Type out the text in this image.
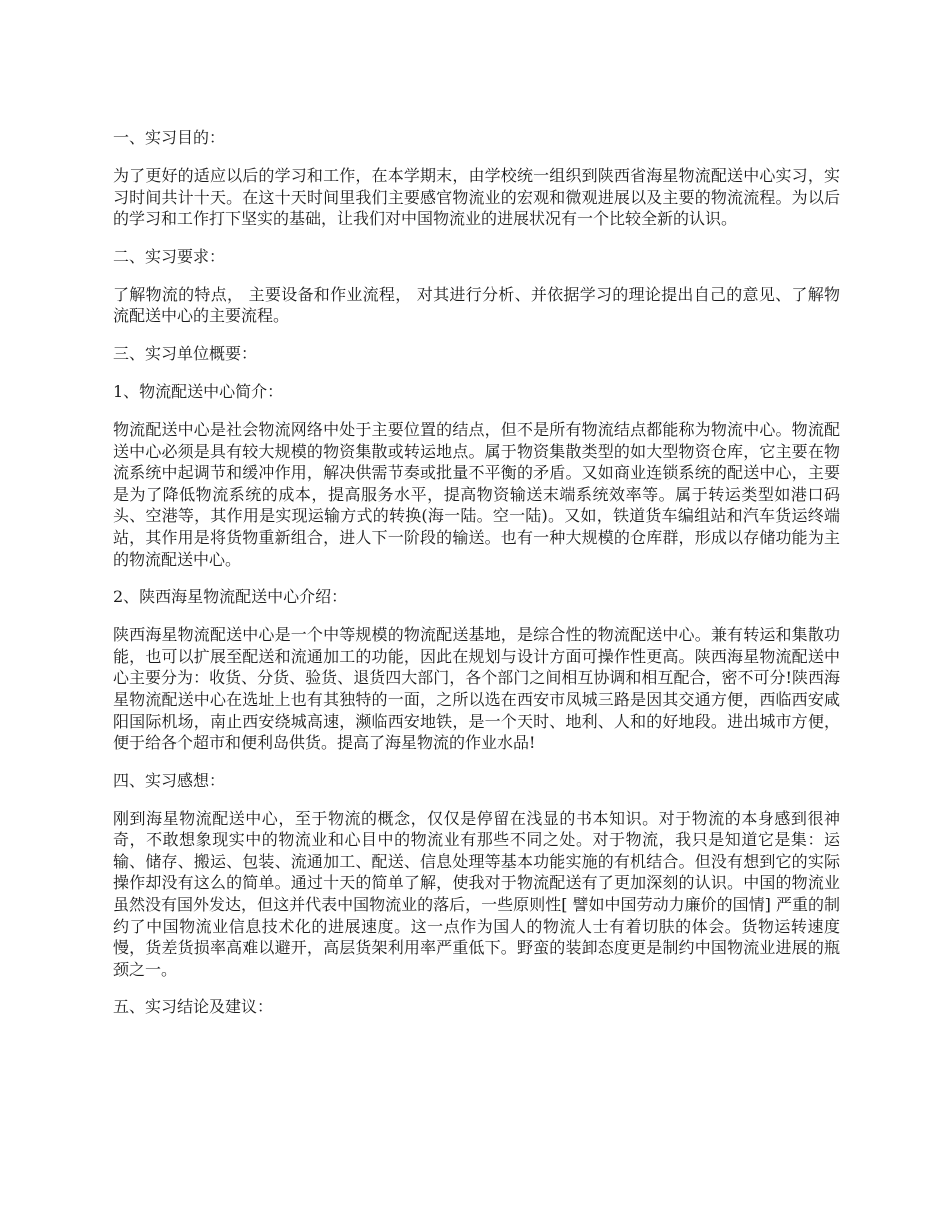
一、实习目的：

为了更好的适应以后的学习和工作，在本学期末，由学校统一组织到陕西省海星物流配送中心实习，实习时间共计十天。在这十天时间里我们主要感官物流业的宏观和微观进展以及主要的物流流程。为以后的学习和工作打下坚实的基础，让我们对中国物流业的进展状况有一个比较全新的认识。

二、实习要求：

了解物流的特点， 主要设备和作业流程， 对其进行分析、并依据学习的理论提出自己的意见、了解物流配送中心的主要流程。

三、实习单位概要：

1、物流配送中心简介：

物流配送中心是社会物流网络中处于主要位置的结点，但不是所有物流结点都能称为物流中心。物流配送中心必须是具有较大规模的物资集散或转运地点。属于物资集散类型的如大型物资仓库，它主要在物流系统中起调节和缓冲作用，解决供需节奏或批量不平衡的矛盾。又如商业连锁系统的配送中心，主要是为了降低物流系统的成本，提高服务水平，提高物资输送末端系统效率等。属于转运类型如港口码头、空港等，其作用是实现运输方式的转换(海一陆。空一陆)。又如，铁道货车编组站和汽车货运终端站，其作用是将货物重新组合，进人下一阶段的输送。也有一种大规模的仓库群，形成以存储功能为主的物流配送中心。

2、陕西海星物流配送中心介绍：

陕西海星物流配送中心是一个中等规模的物流配送基地，是综合性的物流配送中心。兼有转运和集散功能，也可以扩展至配送和流通加工的功能，因此在规划与设计方面可操作性更高。陕西海星物流配送中心主要分为：收货、分货、验货、退货四大部门，各个部门之间相互协调和相互配合，密不可分!陕西海星物流配送中心在选址上也有其独特的一面，之所以选在西安市凤城三路是因其交通方便，西临西安咸阳国际机场，南止西安绕城高速，濒临西安地铁，是一个天时、地利、人和的好地段。进出城市方便，便于给各个超市和便利岛供货。提高了海星物流的作业水品!

四、实习感想：

刚到海星物流配送中心，至于物流的概念，仅仅是停留在浅显的书本知识。对于物流的本身感到很神奇，不敢想象现实中的物流业和心目中的物流业有那些不同之处。对于物流，我只是知道它是集：运输、储存、搬运、包装、流通加工、配送、信息处理等基本功能实施的有机结合。但没有想到它的实际操作却没有这么的简单。通过十天的简单了解，使我对于物流配送有了更加深刻的认识。中国的物流业虽然没有国外发达，但这并代表中国物流业的落后，一些原则性[ 譬如中国劳动力廉价的国情] 严重的制约了中国物流业信息技术化的进展速度。这一点作为国人的物流人士有着切肤的体会。货物运转速度慢，货差货损率高难以避开，高层货架利用率严重低下。野蛮的装卸态度更是制约中国物流业进展的瓶颈之一。

五、实习结论及建议：
